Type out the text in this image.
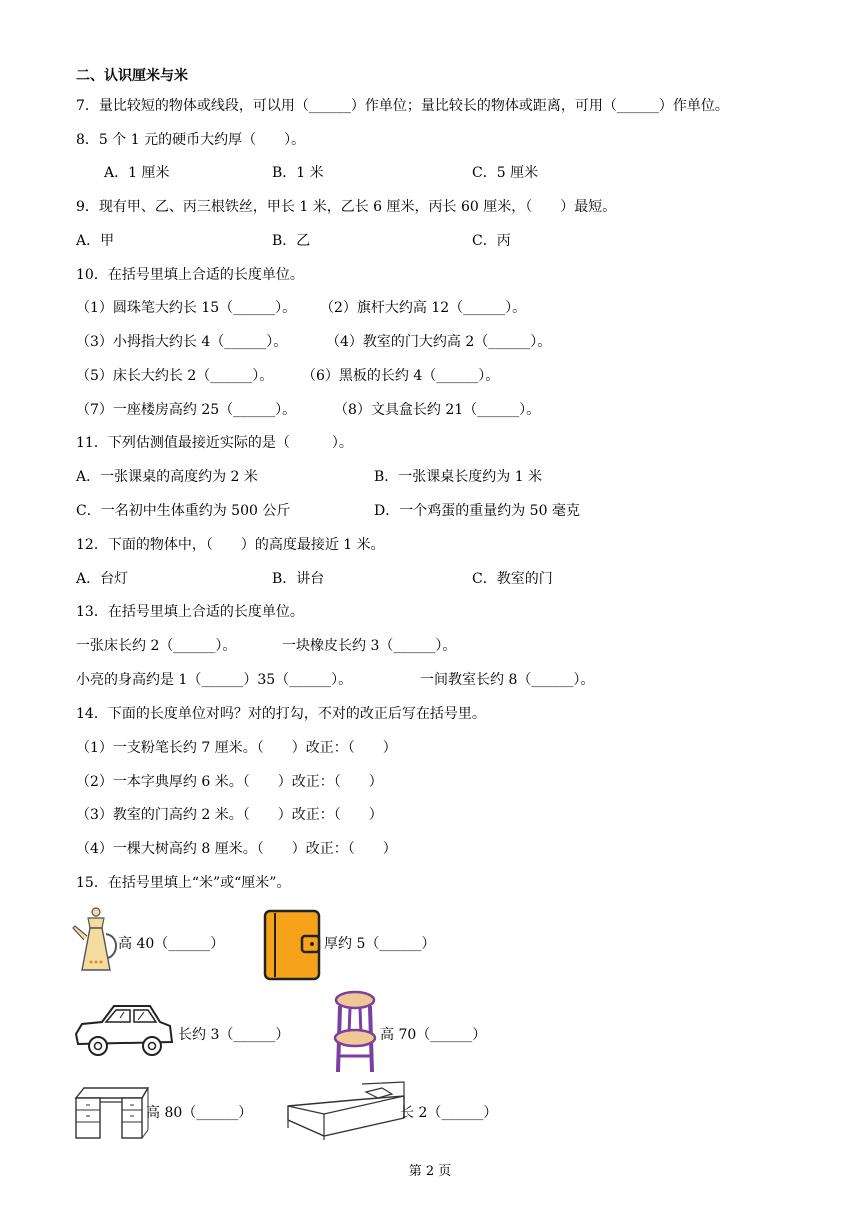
二、认识厘米与米
7．量比较短的物体或线段，可以用（______）作单位；量比较长的物体或距离，可用（______）作单位。
8．5 个 1 元的硬币大约厚（　　）。
A．1 厘米	B．1 米	C．5 厘米
9．现有甲、乙、丙三根铁丝，甲长 1 米，乙长 6 厘米，丙长 60 厘米，（　　）最短。
A．甲	B．乙	C．丙
10．在括号里填上合适的长度单位。
（1）圆珠笔大约长 15（______）。 （2）旗杆大约高 12（______）。
（3）小拇指大约长 4（______）。	（4）教室的门大约高 2（______）。
（5）床长大约长 2（______）。 （6）黑板的长约 4（______）。
（7）一座楼房高约 25（______）。	（8）文具盒长约 21（______）。
11．下列估测值最接近实际的是（　　　）。
A．一张课桌的高度约为 2 米	B．一张课桌长度约为 1 米
C．一名初中生体重约为 500 公斤	D．一个鸡蛋的重量约为 50 毫克
12．下面的物体中，（　　）的高度最接近 1 米。
A．台灯	B．讲台	C．教室的门
13．在括号里填上合适的长度单位。
一张床长约 2（______）。	一块橡皮长约 3（______）。
小亮的身高约是 1（______）35（______）。	一间教室长约 8（______）。
14．下面的长度单位对吗？对的打勾，不对的改正后写在括号里。
（1）一支粉笔长约 7 厘米。（　　）改正：（　　）
（2）一本字典厚约 6 米。（　　）改正：（　　）
（3）教室的门高约 2 米。（　　）改正：（　　）
（4）一棵大树高约 8 厘米。（　　）改正：（　　）
15．在括号里填上“米”或“厘米”。
高 40（______）	厚约 5（______）
长约 3（______）	高 70（______）
高 80（______）	长 2（______）
第 2 页
